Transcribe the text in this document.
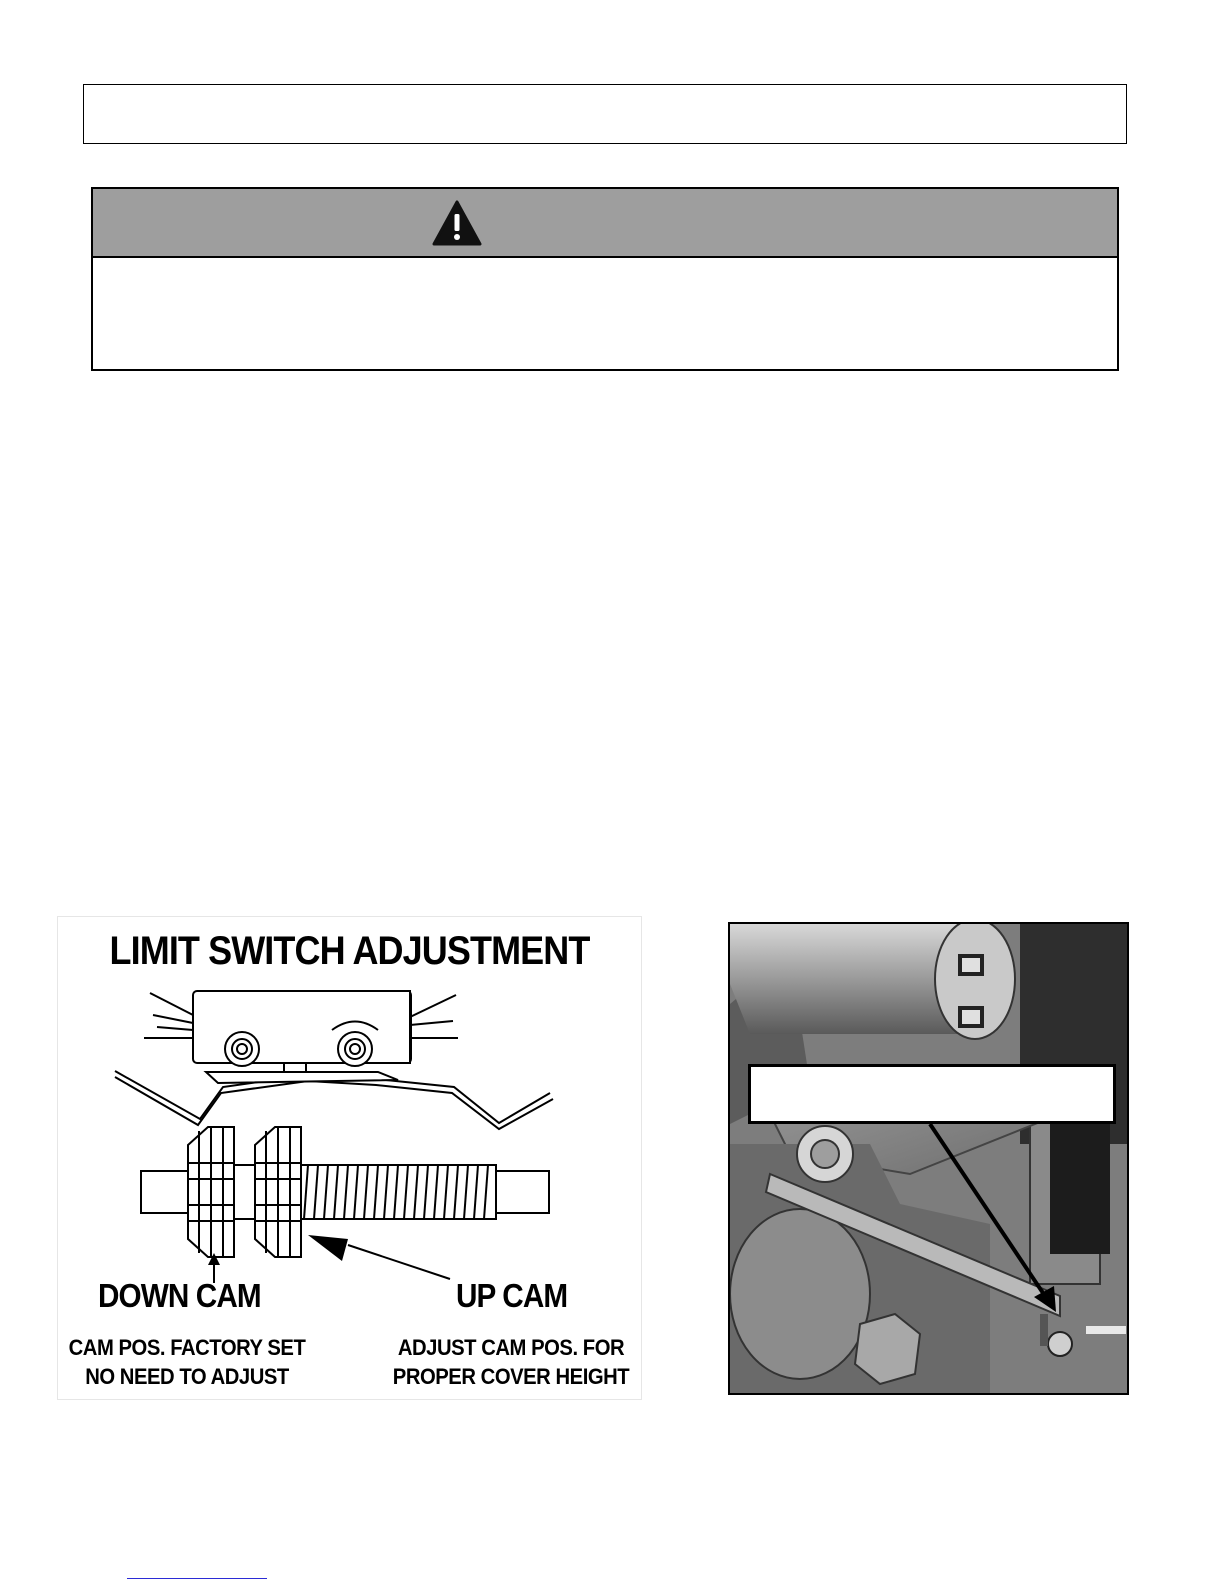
LIMIT SWITCH ADJUSTMENT
DOWN CAM	UP CAM
CAM POS. FACTORY SET
NO NEED TO ADJUST
ADJUST CAM POS. FOR
PROPER COVER HEIGHT
